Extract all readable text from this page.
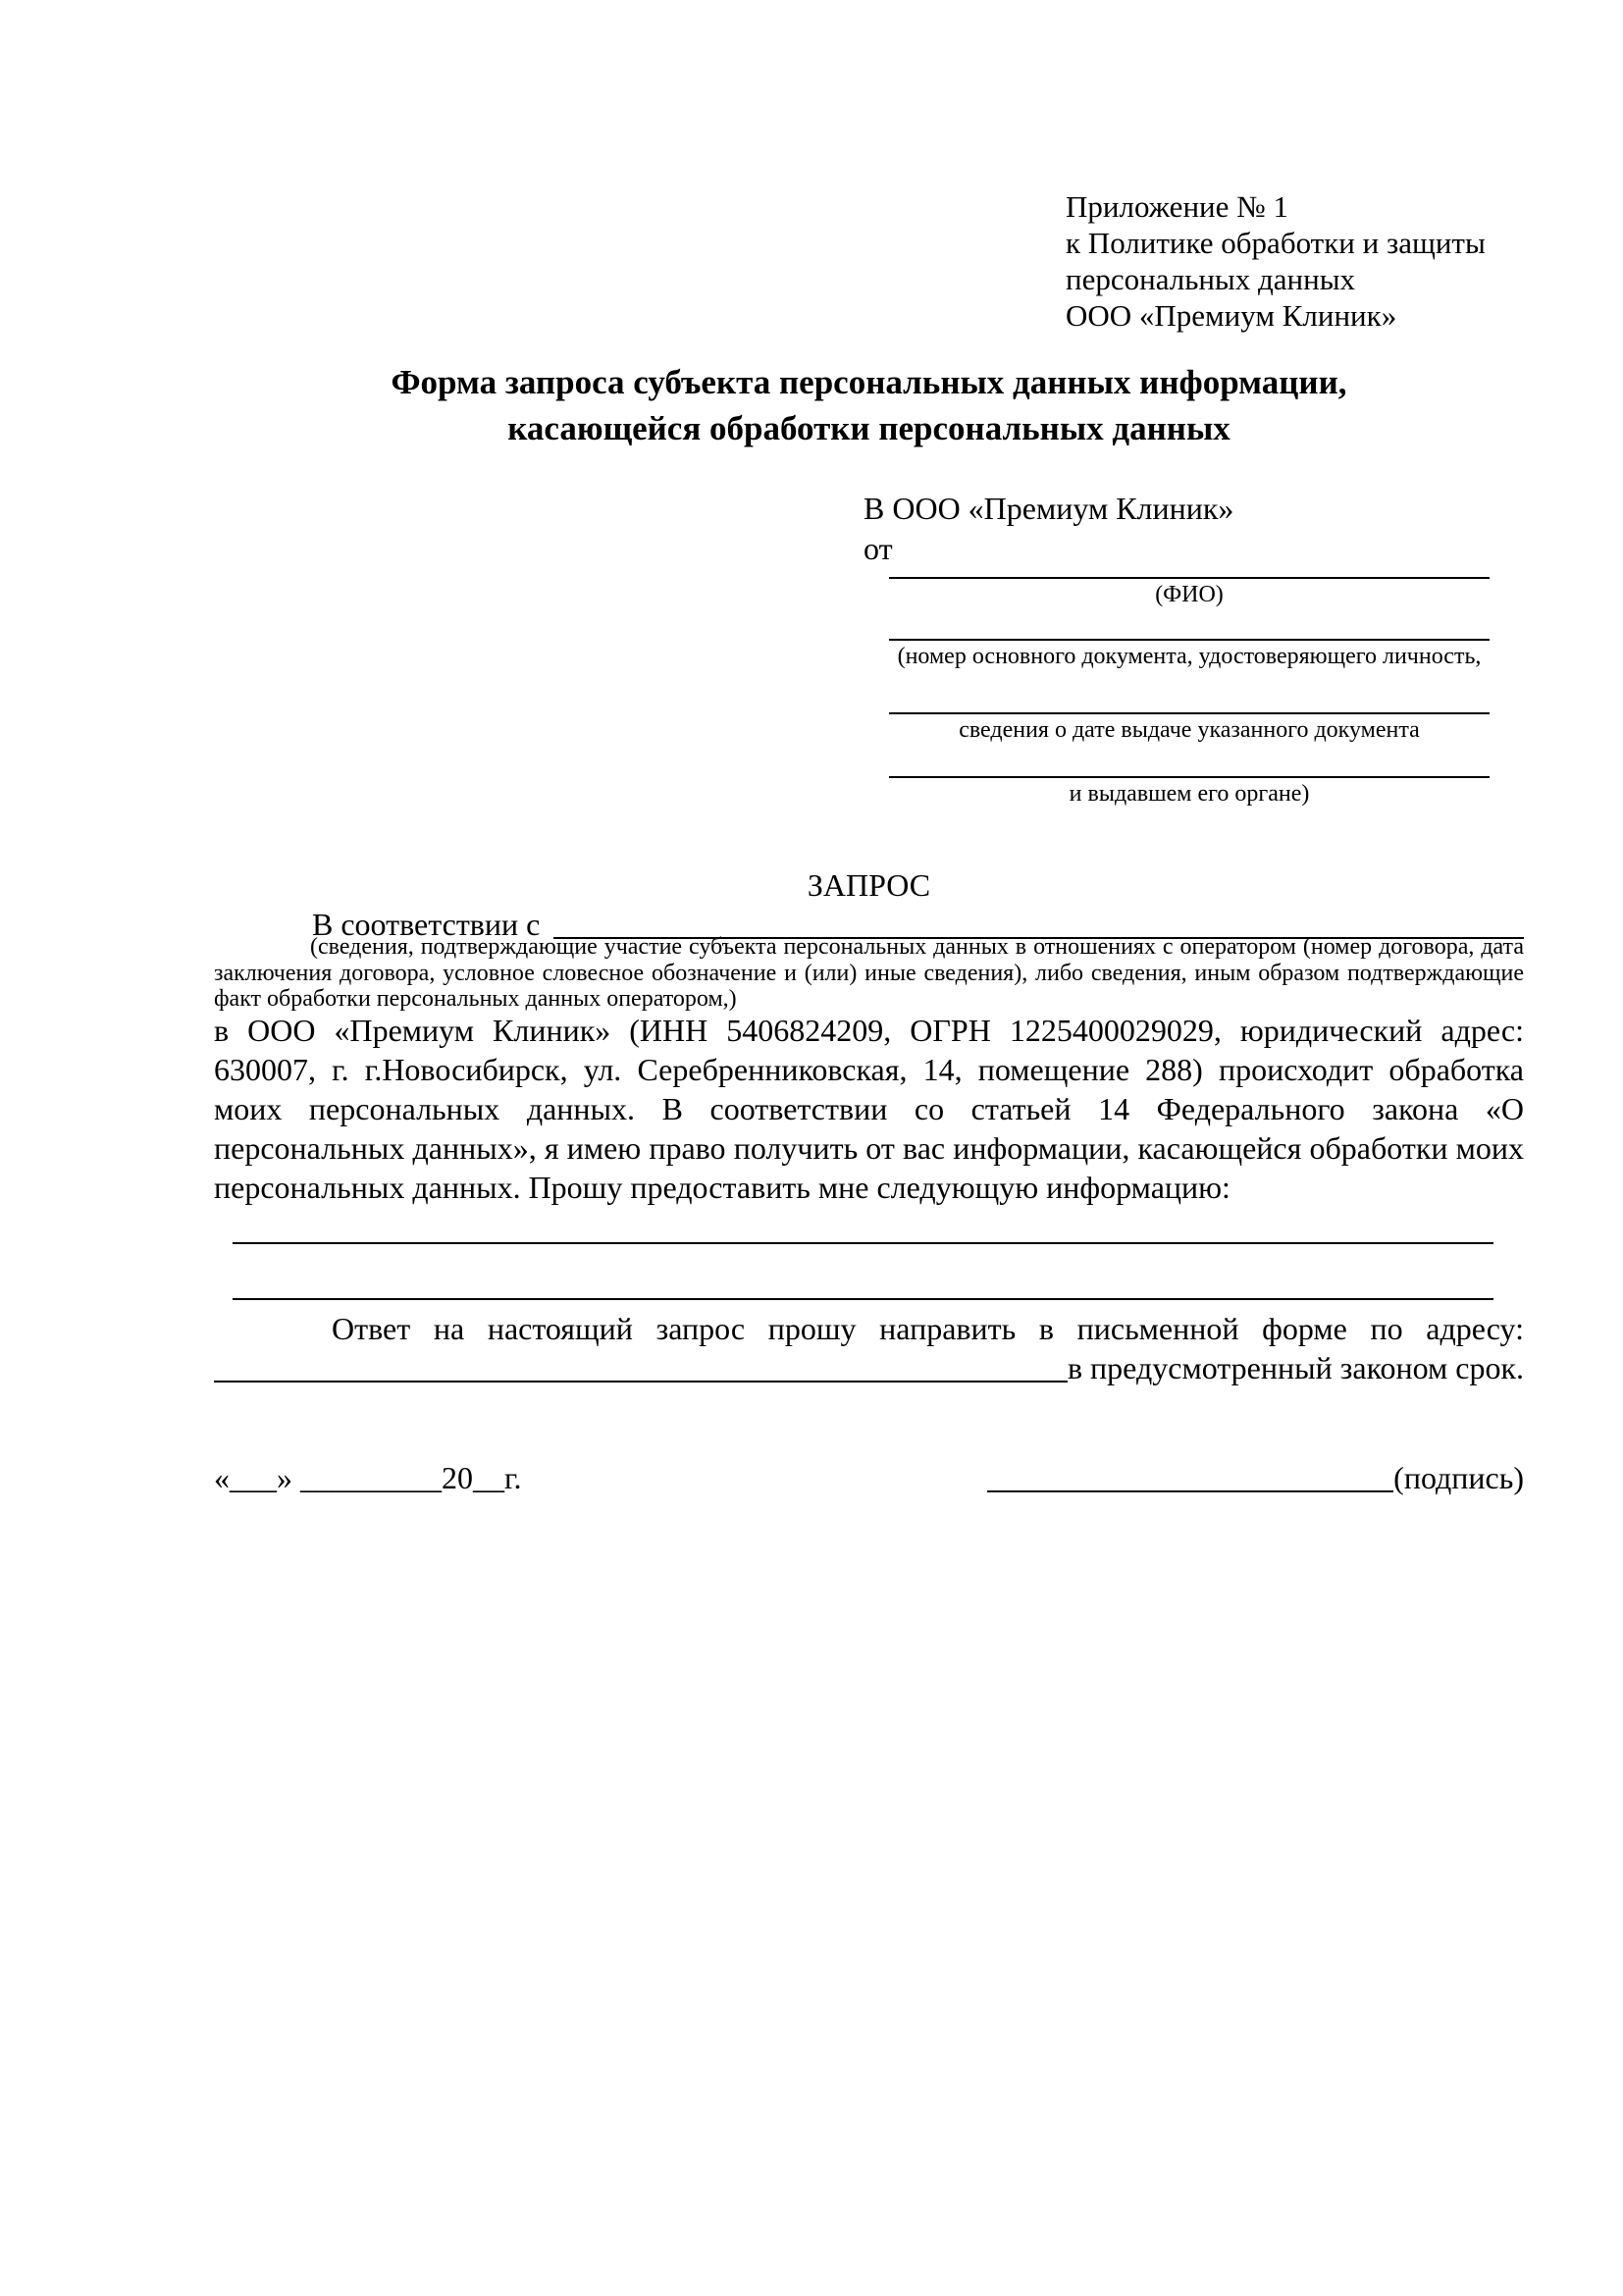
Приложение № 1
к Политике обработки и защиты
персональных данных
ООО «Премиум Клиник»
Форма запроса субъекта персональных данных информации,
касающейся обработки персональных данных
В ООО «Премиум Клиник»
от
(ФИО)
(номер основного документа, удостоверяющего личность,
сведения о дате выдаче указанного документа
и выдавшем его органе)
ЗАПРОС
В соответствии с
(сведения, подтверждающие участие субъекта персональных данных в отношениях с оператором (номер договора, дата заключения договора, условное словесное обозначение и (или) иные сведения), либо сведения, иным образом подтверждающие факт обработки персональных данных оператором,)
в ООО «Премиум Клиник» (ИНН 5406824209, ОГРН 1225400029029, юридический адрес: 630007, г. г.Новосибирск, ул. Серебренниковская, 14, помещение 288) происходит обработка моих персональных данных. В соответствии со статьей 14 Федерального закона «О персональных данных», я имею право получить от вас информации, касающейся обработки моих персональных данных. Прошу предоставить мне следующую информацию:
Ответ на настоящий запрос прошу направить в письменной форме по адресу:
в предусмотренный законом срок.
«___» _________20__г.	(подпись)
